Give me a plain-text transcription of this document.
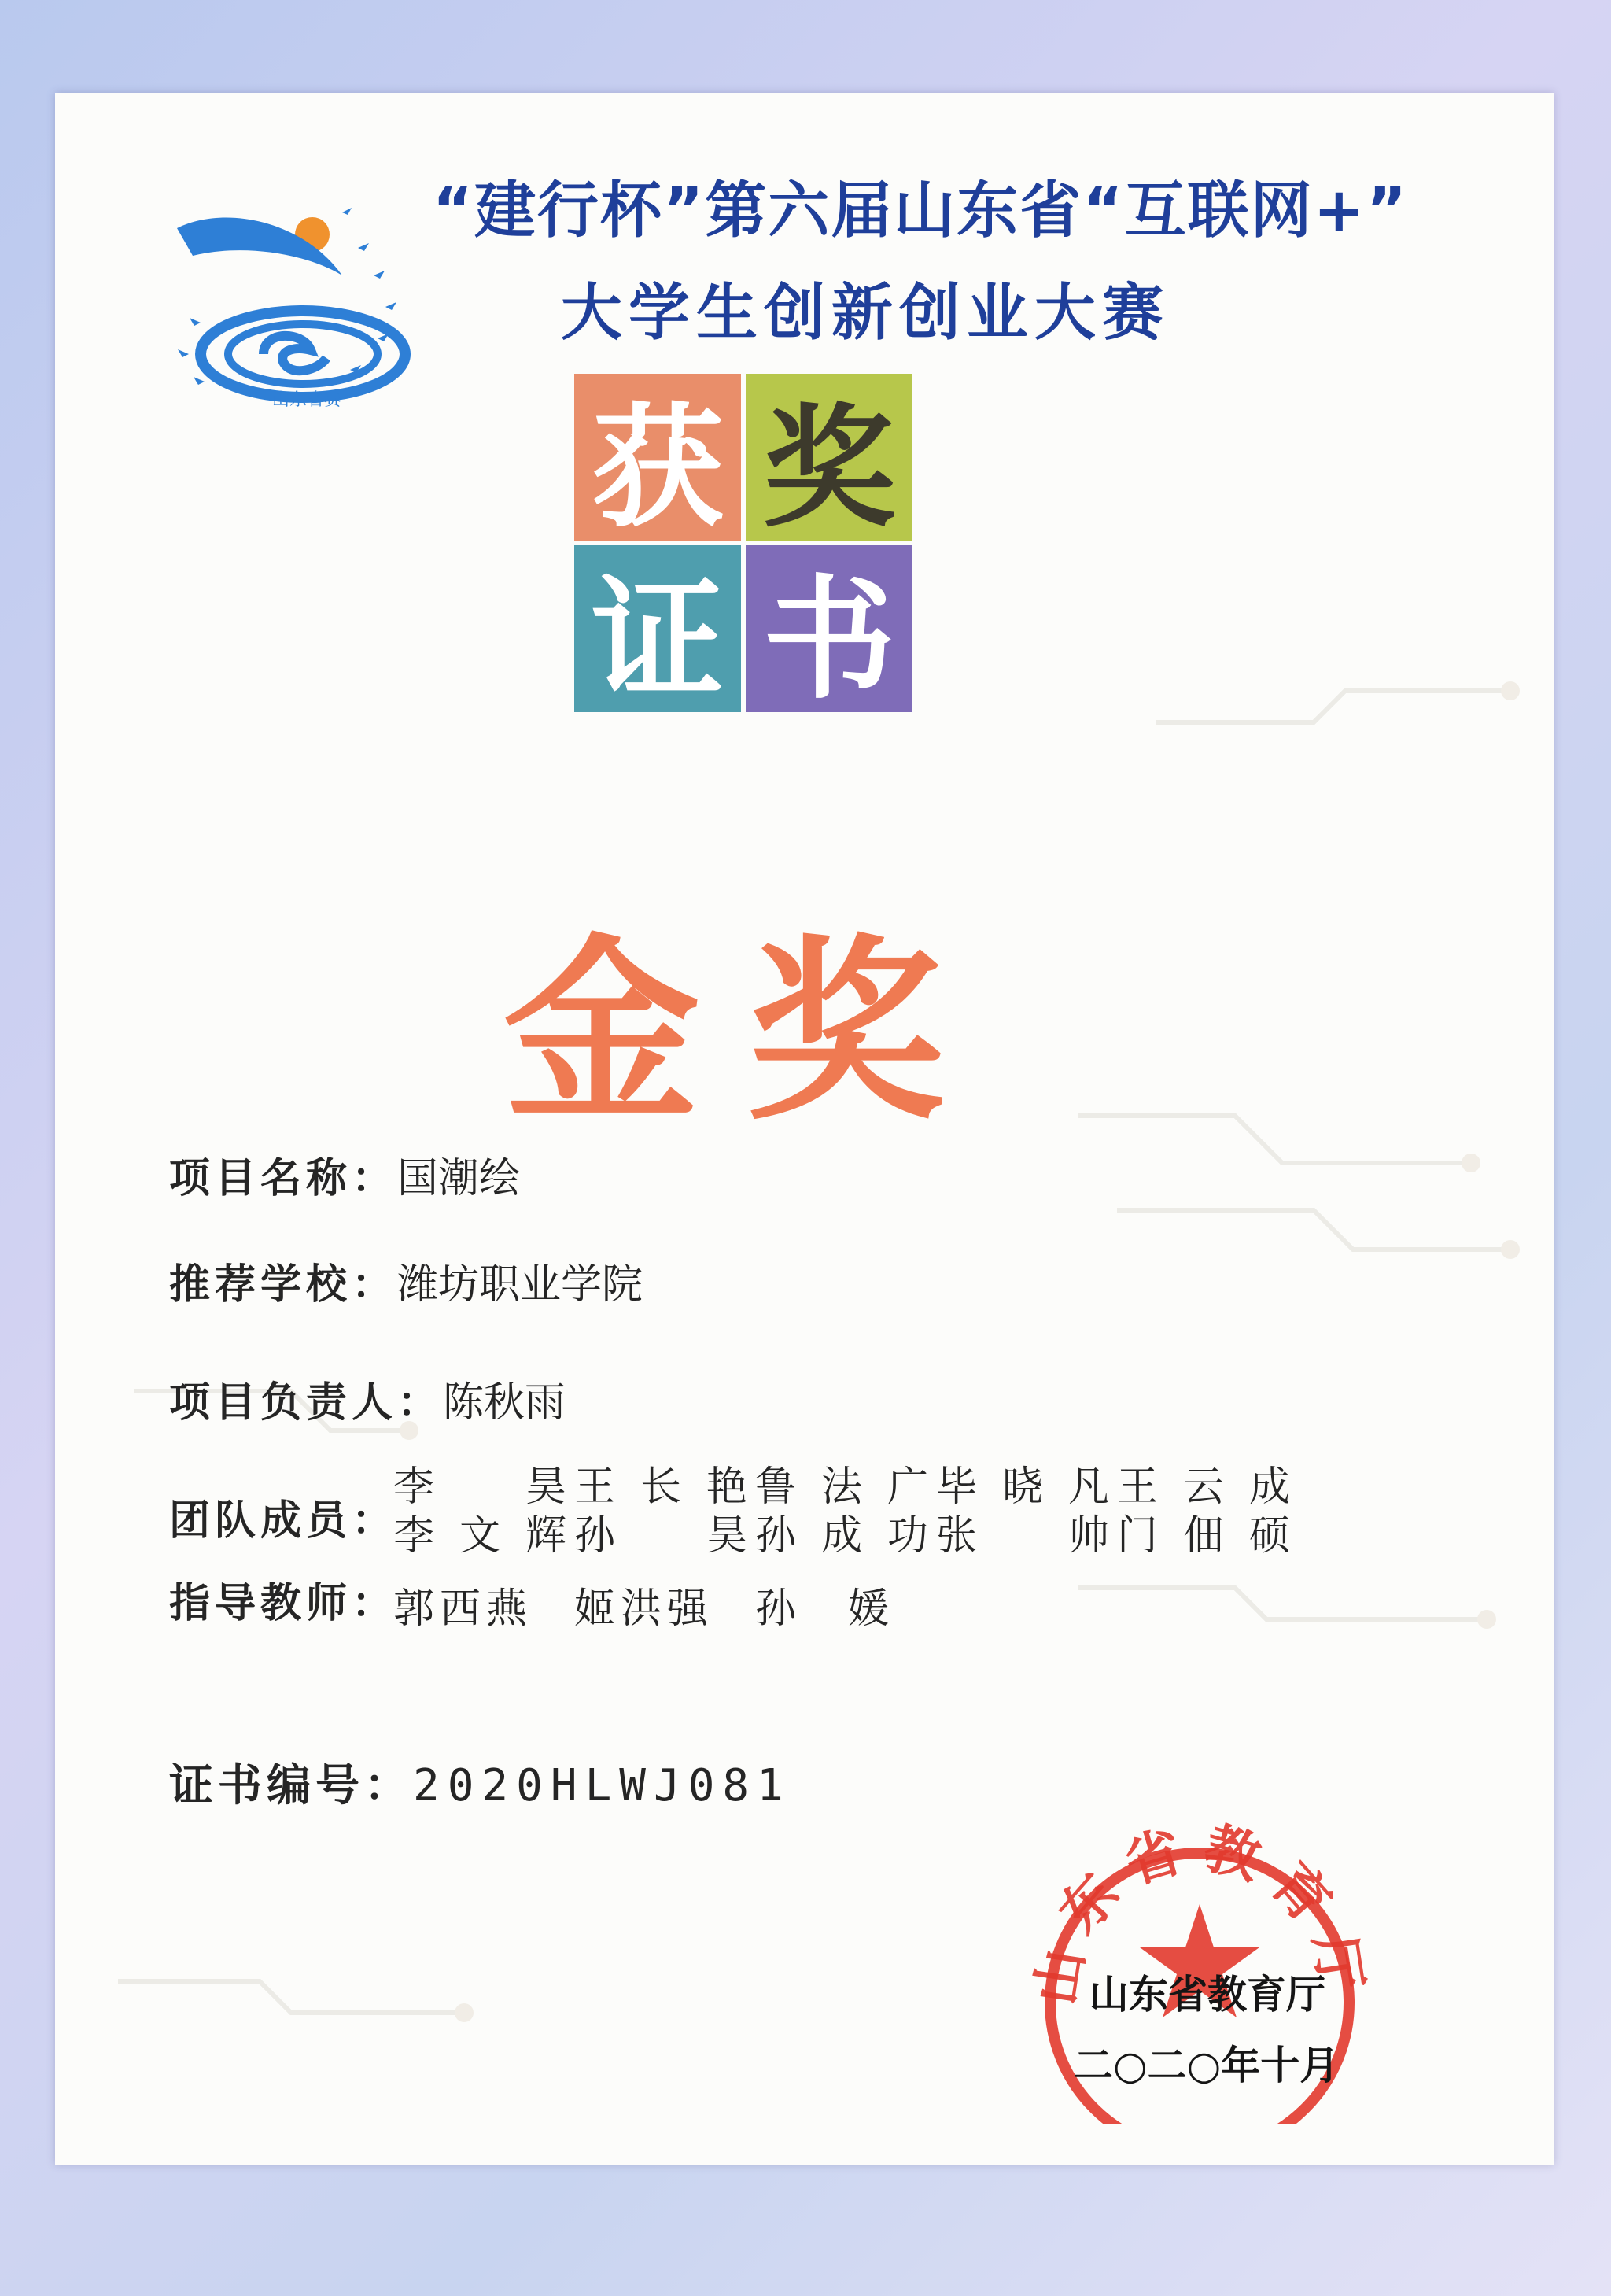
山东省赛
“建行杯”第六届山东省“互联网+”
大学生创新创业大赛
获 奖
证 书
金奖
项目名称：国潮绘
推荐学校：潍坊职业学院
项目负责人：陈秋雨
团队成员：
李昊 王长艳 鲁法广 毕晓凡 王云成
李文辉 孙昊 孙成功 张帅 门佃硕
指导教师：
郭西燕 姬洪强 孙媛
证书编号：2020HLWJ081
山东省教育厅
山东省教育厅
二○二○年十月
